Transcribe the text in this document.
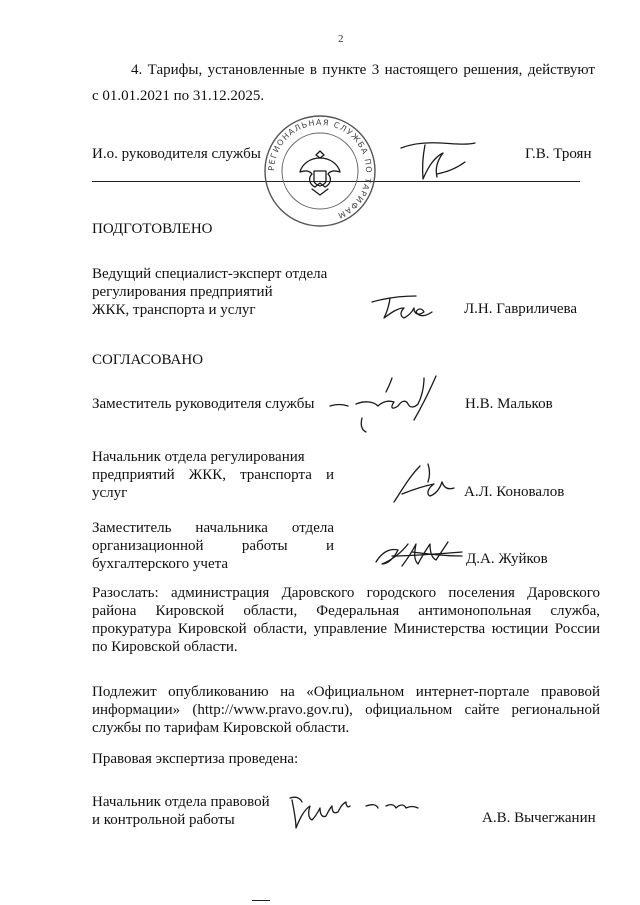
2
4. Тарифы, установленные в пункте 3 настоящего решения, действуют
с 01.01.2021 по 31.12.2025.
И.о. руководителя службы	Г.В. Троян
РЕГИОНАЛЬНАЯ СЛУЖБА ПО ТАРИФАМ
ПОДГОТОВЛЕНО
Ведущий специалист-эксперт отдела
регулирования предприятий
ЖКК, транспорта и услуг	Л.Н. Гавриличева
СОГЛАСОВАНО
Заместитель руководителя службы	Н.В. Мальков
Начальник отдела регулирования
предприятий ЖКК, транспорта и
услуг	А.Л. Коновалов
Заместитель начальника отдела
организационной работы и
бухгалтерского учета	Д.А. Жуйков
Разослать: администрация Даровского городского поселения Даровского
района Кировской области, Федеральная антимонопольная служба,
прокуратура Кировской области, управление Министерства юстиции России
по Кировской области.
Подлежит опубликованию на «Официальном интернет-портале правовой
информации» (http://www.pravo.gov.ru), официальном сайте региональной
службы по тарифам Кировской области.
Правовая экспертиза проведена:
Начальник отдела правовой
и контрольной работы	А.В. Вычегжанин
